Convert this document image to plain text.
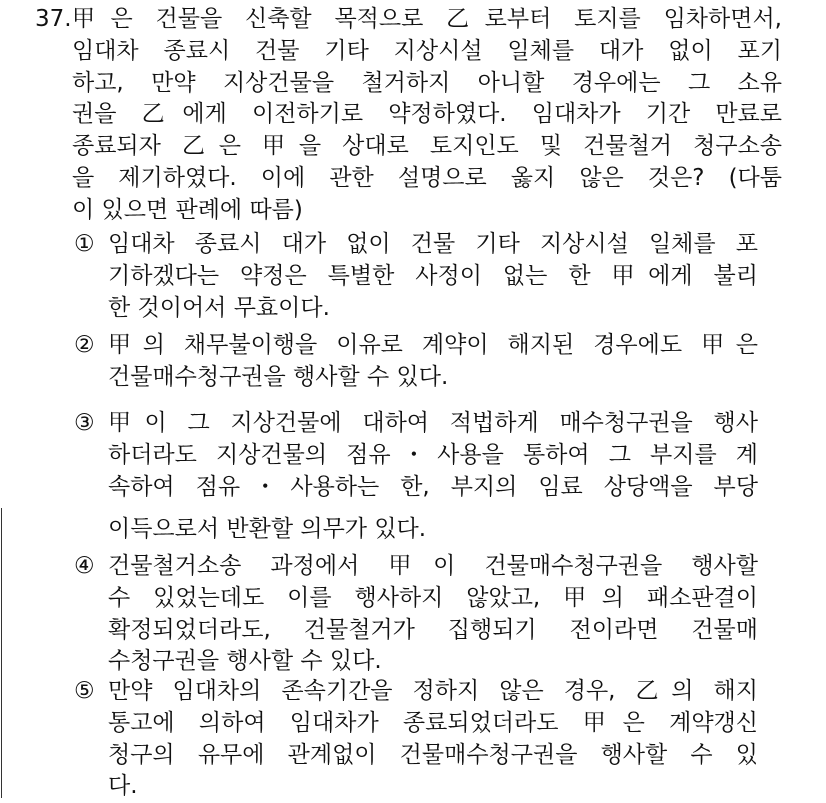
37. 甲은 건물을 신축할 목적으로 乙로부터 토지를 임차하면서,
임대차 종료시 건물 기타 지상시설 일체를 대가 없이 포기
하고, 만약 지상건물을 철거하지 아니할 경우에는 그 소유
권을 乙에게 이전하기로 약정하였다. 임대차가 기간 만료로
종료되자 乙은 甲을 상대로 토지인도 및 건물철거 청구소송
을 제기하였다. 이에 관한 설명으로 옳지 않은 것은? (다툼
이 있으면 판례에 따름)
① 임대차 종료시 대가 없이 건물 기타 지상시설 일체를 포
기하겠다는 약정은 특별한 사정이 없는 한 甲에게 불리
한 것이어서 무효이다.
② 甲의 채무불이행을 이유로 계약이 해지된 경우에도 甲은
건물매수청구권을 행사할 수 있다.
③ 甲이 그 지상건물에 대하여 적법하게 매수청구권을 행사
하더라도 지상건물의 점유・사용을 통하여 그 부지를 계
속하여 점유・사용하는 한, 부지의 임료 상당액을 부당
이득으로서 반환할 의무가 있다.
④ 건물철거소송 과정에서 甲이 건물매수청구권을 행사할
수 있었는데도 이를 행사하지 않았고, 甲의 패소판결이
확정되었더라도, 건물철거가 집행되기 전이라면 건물매
수청구권을 행사할 수 있다.
⑤ 만약 임대차의 존속기간을 정하지 않은 경우, 乙의 해지
통고에 의하여 임대차가 종료되었더라도 甲은 계약갱신
청구의 유무에 관계없이 건물매수청구권을 행사할 수 있
다.
